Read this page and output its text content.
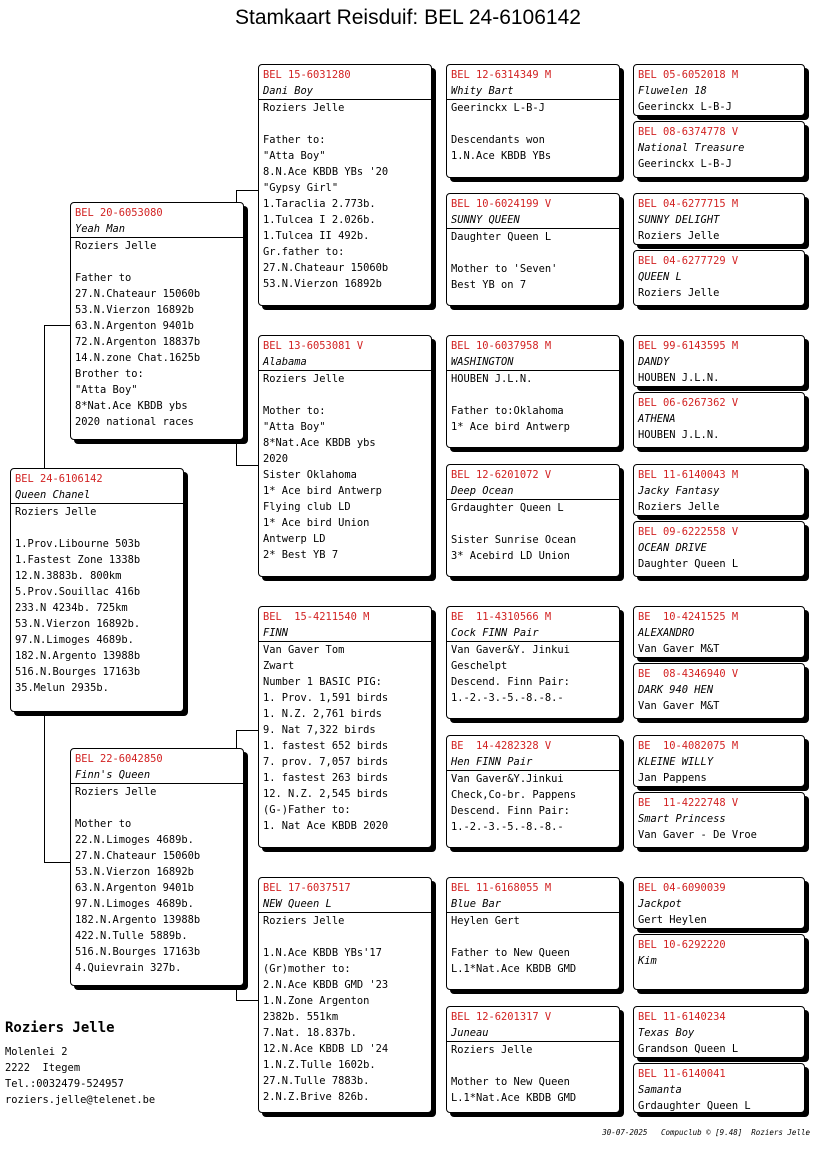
Stamkaart Reisduif: BEL 24-6106142
BEL 24-6106142
Queen Chanel
Roziers Jelle

1.Prov.Libourne 503b
1.Fastest Zone 1338b
12.N.3883b. 800km
5.Prov.Souillac 416b
233.N 4234b. 725km
53.N.Vierzon 16892b.
97.N.Limoges 4689b.
182.N.Argento 13988b
516.N.Bourges 17163b
35.Melun 2935b.
BEL 20-6053080
Yeah Man
Roziers Jelle

Father to
27.N.Chateaur 15060b
53.N.Vierzon 16892b
63.N.Argenton 9401b
72.N.Argenton 18837b
14.N.zone Chat.1625b
Brother to:
"Atta Boy"
8*Nat.Ace KBDB ybs
2020 national races
BEL 22-6042850
Finn's Queen
Roziers Jelle

Mother to
22.N.Limoges 4689b.
27.N.Chateaur 15060b
53.N.Vierzon 16892b
63.N.Argenton 9401b
97.N.Limoges 4689b.
182.N.Argento 13988b
422.N.Tulle 5889b.
516.N.Bourges 17163b
4.Quievrain 327b.
BEL 15-6031280
Dani Boy
Roziers Jelle

Father to:
"Atta Boy"
8.N.Ace KBDB YBs '20
"Gypsy Girl"
1.Taraclia 2.773b.
1.Tulcea I 2.026b.
1.Tulcea II 492b.
Gr.father to:
27.N.Chateaur 15060b
53.N.Vierzon 16892b
BEL 13-6053081 V
Alabama
Roziers Jelle

Mother to:
"Atta Boy"
8*Nat.Ace KBDB ybs
2020
Sister Oklahoma
1* Ace bird Antwerp
Flying club LD
1* Ace bird Union
Antwerp LD
2* Best YB 7
BEL  15-4211540 M
FINN
Van Gaver Tom
Zwart
Number 1 BASIC PIG:
1. Prov. 1,591 birds
1. N.Z. 2,761 birds
9. Nat 7,322 birds
1. fastest 652 birds
7. prov. 7,057 birds
1. fastest 263 birds
12. N.Z. 2,545 birds
(G-)Father to:
1. Nat Ace KBDB 2020
BEL 17-6037517
NEW Queen L
Roziers Jelle

1.N.Ace KBDB YBs'17
(Gr)mother to:
2.N.Ace KBDB GMD '23
1.N.Zone Argenton
2382b. 551km
7.Nat. 18.837b.
12.N.Ace KBDB LD '24
1.N.Z.Tulle 1602b.
27.N.Tulle 7883b.
2.N.Z.Brive 826b.
BEL 12-6314349 M
Whity Bart
Geerinckx L-B-J

Descendants won
1.N.Ace KBDB YBs
BEL 10-6024199 V
SUNNY QUEEN
Daughter Queen L

Mother to 'Seven'
Best YB on 7
BEL 10-6037958 M
WASHINGTON
HOUBEN J.L.N.

Father to:Oklahoma
1* Ace bird Antwerp
BEL 12-6201072 V
Deep Ocean
Grdaughter Queen L

Sister Sunrise Ocean
3* Acebird LD Union
BE  11-4310566 M
Cock FINN Pair
Van Gaver&Y. Jinkui
Geschelpt
Descend. Finn Pair:
1.-2.-3.-5.-8.-8.-
BE  14-4282328 V
Hen FINN Pair
Van Gaver&Y.Jinkui
Check,Co-br. Pappens
Descend. Finn Pair:
1.-2.-3.-5.-8.-8.-
BEL 11-6168055 M
Blue Bar
Heylen Gert

Father to New Queen
L.1*Nat.Ace KBDB GMD
BEL 12-6201317 V
Juneau
Roziers Jelle

Mother to New Queen
L.1*Nat.Ace KBDB GMD
BEL 05-6052018 M
Fluwelen 18
Geerinckx L-B-J
BEL 08-6374778 V
National Treasure
Geerinckx L-B-J
BEL 04-6277715 M
SUNNY DELIGHT
Roziers Jelle
BEL 04-6277729 V
QUEEN L
Roziers Jelle
BEL 99-6143595 M
DANDY
HOUBEN J.L.N.
BEL 06-6267362 V
ATHENA
HOUBEN J.L.N.
BEL 11-6140043 M
Jacky Fantasy
Roziers Jelle
BEL 09-6222558 V
OCEAN DRIVE
Daughter Queen L
BE  10-4241525 M
ALEXANDRO
Van Gaver M&T
BE  08-4346940 V
DARK 940 HEN
Van Gaver M&T
BE  10-4082075 M
KLEINE WILLY
Jan Pappens
BE  11-4222748 V
Smart Princess
Van Gaver - De Vroe
BEL 04-6090039
Jackpot
Gert Heylen
BEL 10-6292220
Kim

BEL 11-6140234
Texas Boy
Grandson Queen L
BEL 11-6140041
Samanta
Grdaughter Queen L
Roziers Jelle
Molenlei 2
2222  Itegem
Tel.:0032479-524957
roziers.jelle@telenet.be
30-07-2025   Compuclub © [9.48]  Roziers Jelle
